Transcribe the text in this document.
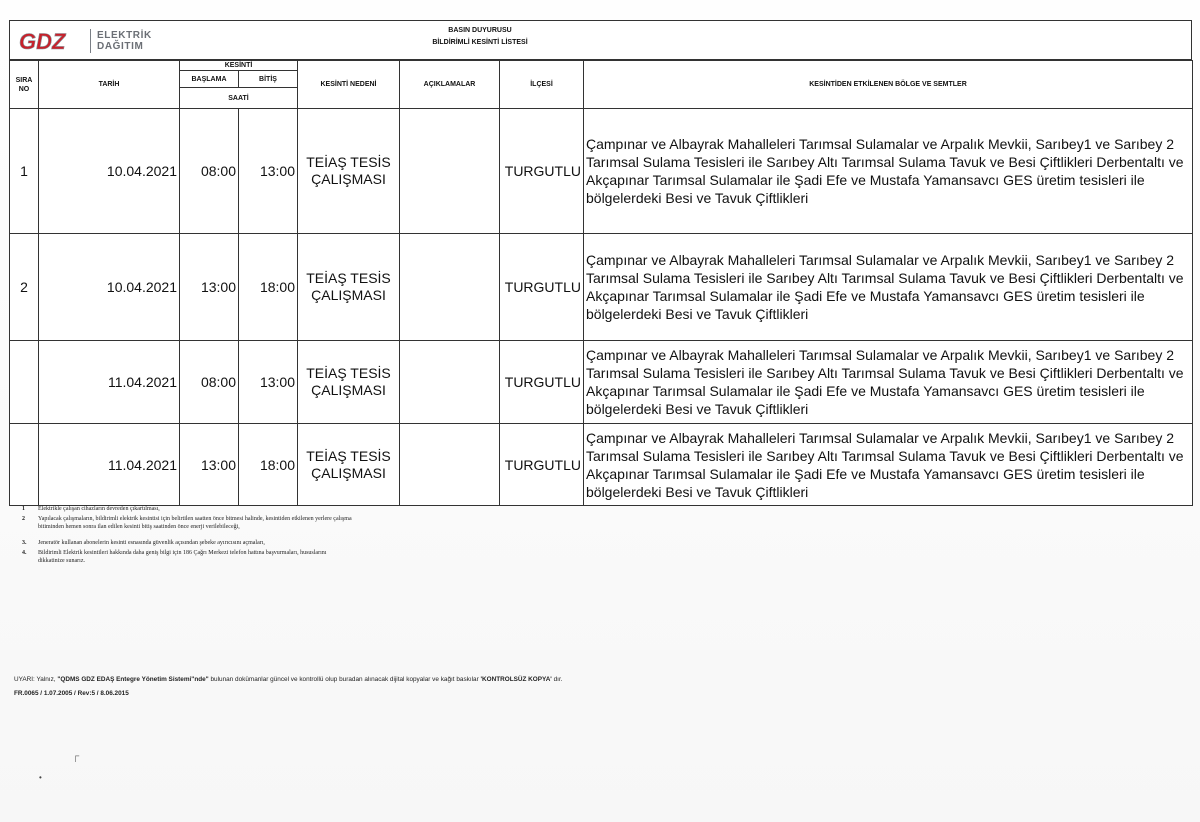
GDZ	ELEKTRİK
DAĞITIM
BASIN DUYURUSU
BİLDİRİMLİ KESİNTİ LİSTESİ
SIRA NO	TARİH	KESİNTİ		KESİNTİ NEDENİ	AÇIKLAMALAR	İLÇESİ	KESİNTİDEN ETKİLENEN BÖLGE VE SEMTLER
		BAŞLAMA	BİTİŞ				
		SAATİ					
1	10.04.2021	08:00	13:00	TEİAŞ TESİS
ÇALIŞMASI		TURGUTLU	Çampınar ve Albayrak Mahalleleri Tarımsal Sulamalar ve Arpalık Mevkii, Sarıbey1 ve Sarıbey 2 Tarımsal Sulama Tesisleri ile Sarıbey Altı Tarımsal Sulama Tavuk ve Besi Çiftlikleri Derbentaltı ve Akçapınar Tarımsal Sulamalar ile Şadi Efe ve Mustafa Yamansavcı GES üretim tesisleri ile bölgelerdeki Besi ve Tavuk Çiftlikleri
2	10.04.2021	13:00	18:00	TEİAŞ TESİS
ÇALIŞMASI		TURGUTLU	Çampınar ve Albayrak Mahalleleri Tarımsal Sulamalar ve Arpalık Mevkii, Sarıbey1 ve Sarıbey 2 Tarımsal Sulama Tesisleri ile Sarıbey Altı Tarımsal Sulama Tavuk ve Besi Çiftlikleri Derbentaltı ve Akçapınar Tarımsal Sulamalar ile Şadi Efe ve Mustafa Yamansavcı GES üretim tesisleri ile bölgelerdeki Besi ve Tavuk Çiftlikleri
	11.04.2021	08:00	13:00	TEİAŞ TESİS
ÇALIŞMASI		TURGUTLU	Çampınar ve Albayrak Mahalleleri Tarımsal Sulamalar ve Arpalık Mevkii, Sarıbey1 ve Sarıbey 2 Tarımsal Sulama Tesisleri ile Sarıbey Altı Tarımsal Sulama Tavuk ve Besi Çiftlikleri Derbentaltı ve Akçapınar Tarımsal Sulamalar ile Şadi Efe ve Mustafa Yamansavcı GES üretim tesisleri ile bölgelerdeki Besi ve Tavuk Çiftlikleri
	11.04.2021	13:00	18:00	TEİAŞ TESİS
ÇALIŞMASI		TURGUTLU	Çampınar ve Albayrak Mahalleleri Tarımsal Sulamalar ve Arpalık Mevkii, Sarıbey1 ve Sarıbey 2 Tarımsal Sulama Tesisleri ile Sarıbey Altı Tarımsal Sulama Tavuk ve Besi Çiftlikleri Derbentaltı ve Akçapınar Tarımsal Sulamalar ile Şadi Efe ve Mustafa Yamansavcı GES üretim tesisleri ile bölgelerdeki Besi ve Tavuk Çiftlikleri
1	Elektrikle çalışan cihazların devreden çıkartılması,
2	Yapılacak çalışmaların, bildirimli elektrik kesintisi için belirtilen saatten önce bitmesi halinde, kesintiden etkilenen yerlere çalışma bitiminden hemen sonra ilan edilen kesinti bitiş saatinden önce enerji verilebileceği,
3.	Jeneratör kullanan abonelerin kesinti esnasında güvenlik açısından şebeke ayırıcısını açmaları,
4.	Bildirimli Elektrik kesintileri hakkında daha geniş bilgi için 186 Çağrı Merkezi telefon hattına başvurmaları, hususlarını dikkatinize sunarız.
UYARI: Yalnız, "QDMS GDZ EDAŞ Entegre Yönetim Sistemi"nde" bulunan dokümanlar güncel ve kontrollü olup buradan alınacak dijital kopyalar ve kağıt baskılar 'KONTROLSÜZ KOPYA' dır.
FR.0065 / 1.07.2005 / Rev:5 / 8.06.2015
•
┌
